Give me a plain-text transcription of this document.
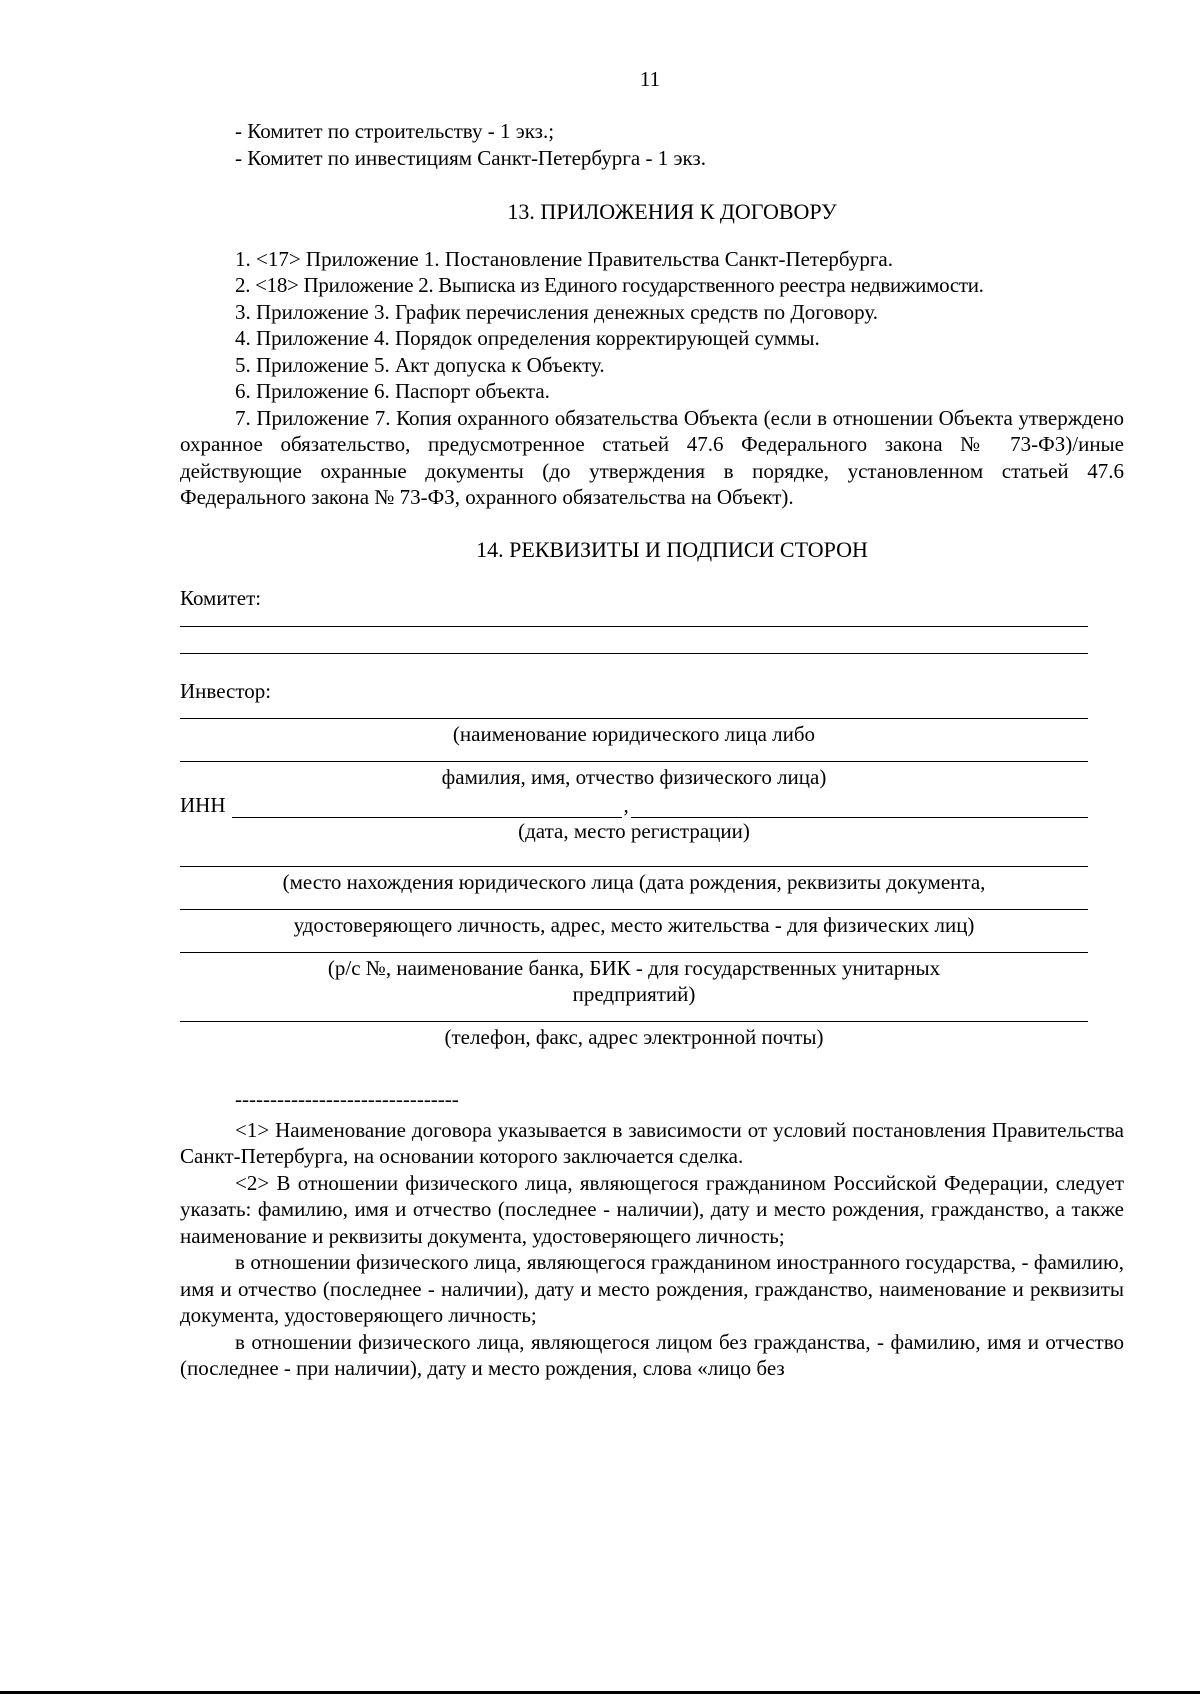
11

- Комитет по строительству - 1 экз.;

- Комитет по инвестициям Санкт-Петербурга - 1 экз.

13. ПРИЛОЖЕНИЯ К ДОГОВОРУ

1. <17> Приложение 1. Постановление Правительства Санкт-Петербурга.

2. <18> Приложение 2. Выписка из Единого государственного реестра недвижимости.

3. Приложение 3. График перечисления денежных средств по Договору.

4. Приложение 4. Порядок определения корректирующей суммы.

5. Приложение 5. Акт допуска к Объекту.

6. Приложение 6. Паспорт объекта.

7. Приложение 7. Копия охранного обязательства Объекта (если в отношении Объекта утверждено охранное обязательство, предусмотренное статьей 47.6 Федерального закона № 73-ФЗ)/иные действующие охранные документы (до утверждения в порядке, установленном статьей 47.6 Федерального закона № 73-ФЗ, охранного обязательства на Объект).

14. РЕКВИЗИТЫ И ПОДПИСИ СТОРОН

Комитет:

Инвестор:

(наименование юридического лица либо

фамилия, имя, отчество физического лица)

ИНН	,

(дата, место регистрации)

(место нахождения юридического лица (дата рождения, реквизиты документа,

удостоверяющего личность, адрес, место жительства - для физических лиц)

(р/с №, наименование банка, БИК - для государственных унитарных предприятий)

(телефон, факс, адрес электронной почты)

--------------------------------

<1> Наименование договора указывается в зависимости от условий постановления Правительства Санкт-Петербурга, на основании которого заключается сделка.

<2> В отношении физического лица, являющегося гражданином Российской Федерации, следует указать: фамилию, имя и отчество (последнее - наличии), дату и место рождения, гражданство, а также наименование и реквизиты документа, удостоверяющего личность;

в отношении физического лица, являющегося гражданином иностранного государства, - фамилию, имя и отчество (последнее - наличии), дату и место рождения, гражданство, наименование и реквизиты документа, удостоверяющего личность;

в отношении физического лица, являющегося лицом без гражданства, - фамилию, имя и отчество (последнее - при наличии), дату и место рождения, слова «лицо без
